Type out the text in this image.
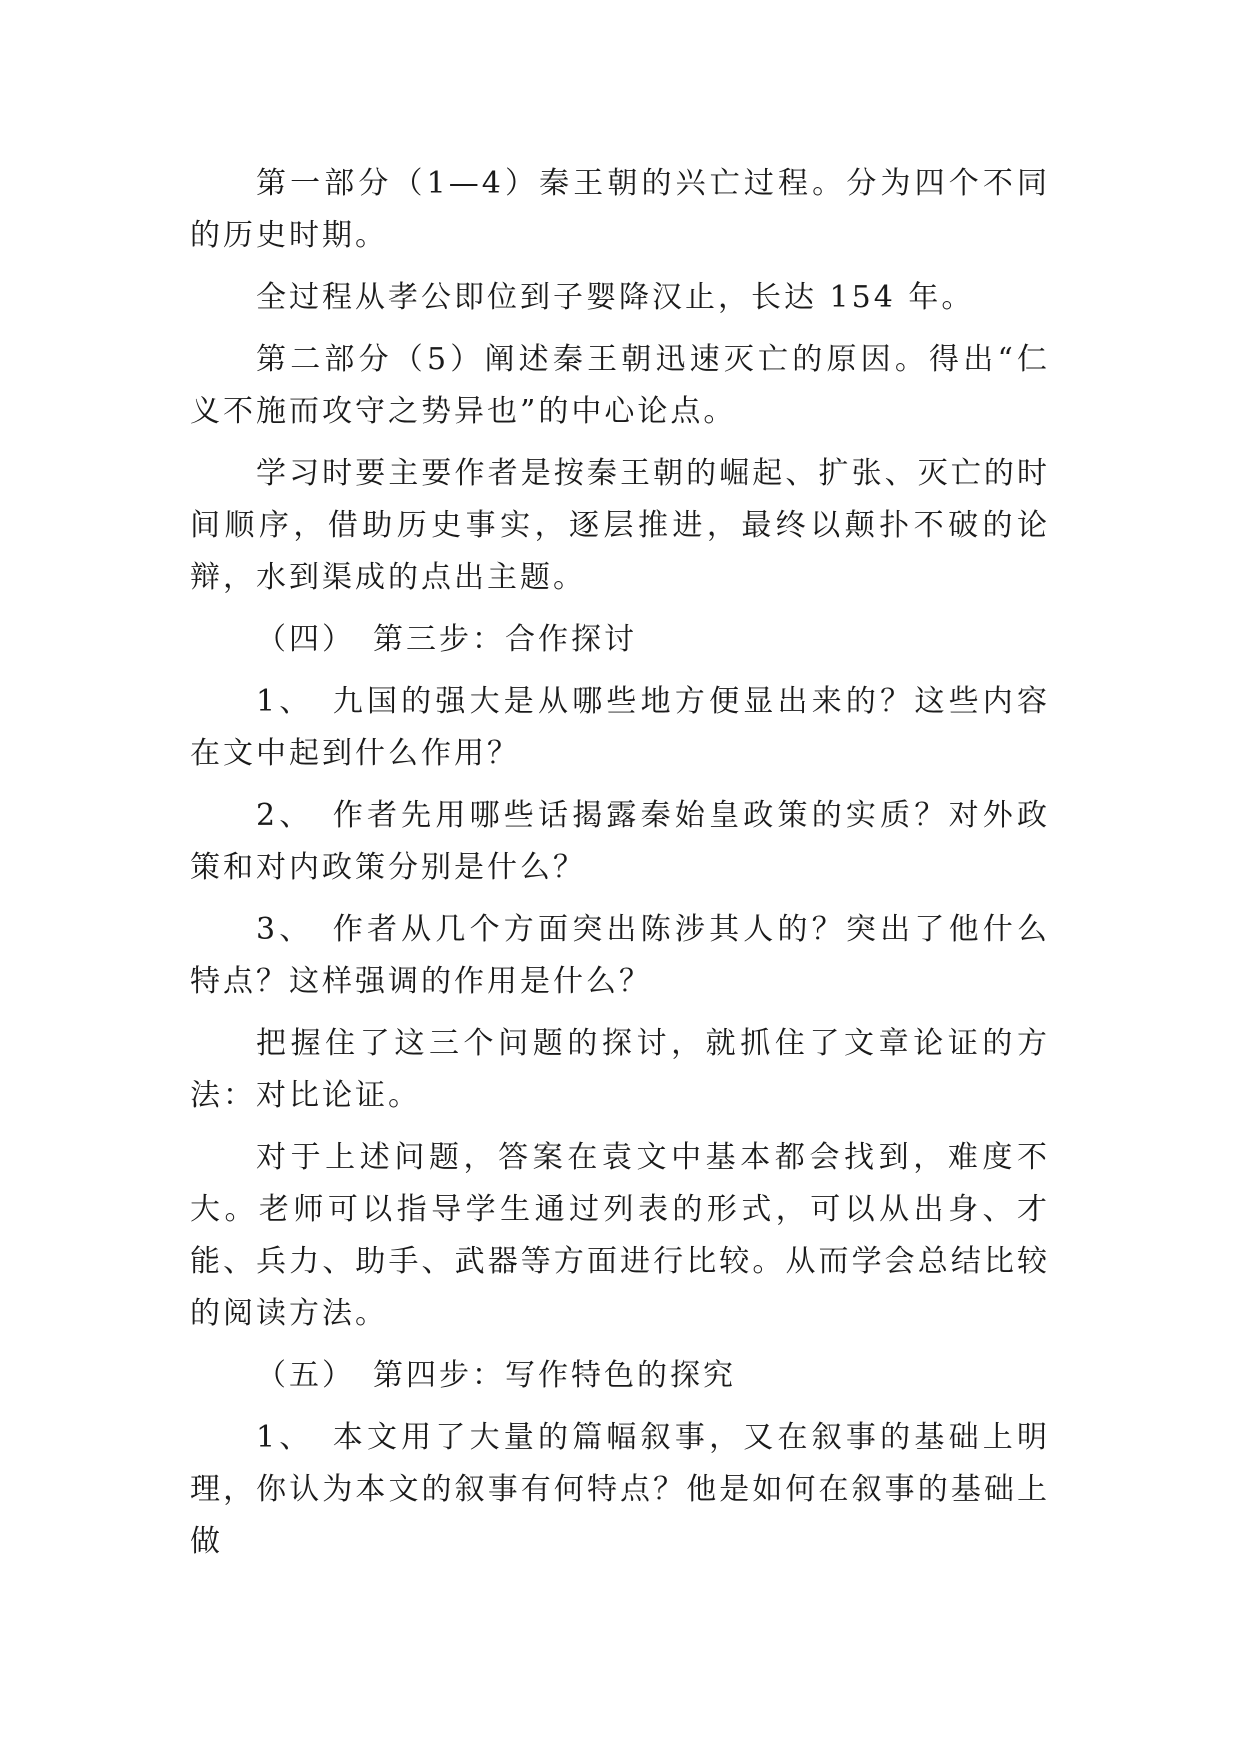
第一部分（1—4）秦王朝的兴亡过程。分为四个不同的历史时期。

全过程从孝公即位到子婴降汉止，长达 154 年。

第二部分（5）阐述秦王朝迅速灭亡的原因。得出“仁义不施而攻守之势异也”的中心论点。

学习时要主要作者是按秦王朝的崛起、扩张、灭亡的时间顺序，借助历史事实，逐层推进，最终以颠扑不破的论辩，水到渠成的点出主题。

（四）　第三步：合作探讨

1、　九国的强大是从哪些地方便显出来的？这些内容在文中起到什么作用？

2、　作者先用哪些话揭露秦始皇政策的实质？对外政策和对内政策分别是什么？

3、　作者从几个方面突出陈涉其人的？突出了他什么特点？这样强调的作用是什么？

把握住了这三个问题的探讨，就抓住了文章论证的方法：对比论证。

对于上述问题，答案在袁文中基本都会找到，难度不大。老师可以指导学生通过列表的形式，可以从出身、才能、兵力、助手、武器等方面进行比较。从而学会总结比较的阅读方法。

（五）　第四步：写作特色的探究

1、　本文用了大量的篇幅叙事，又在叙事的基础上明理，你认为本文的叙事有何特点？他是如何在叙事的基础上做
